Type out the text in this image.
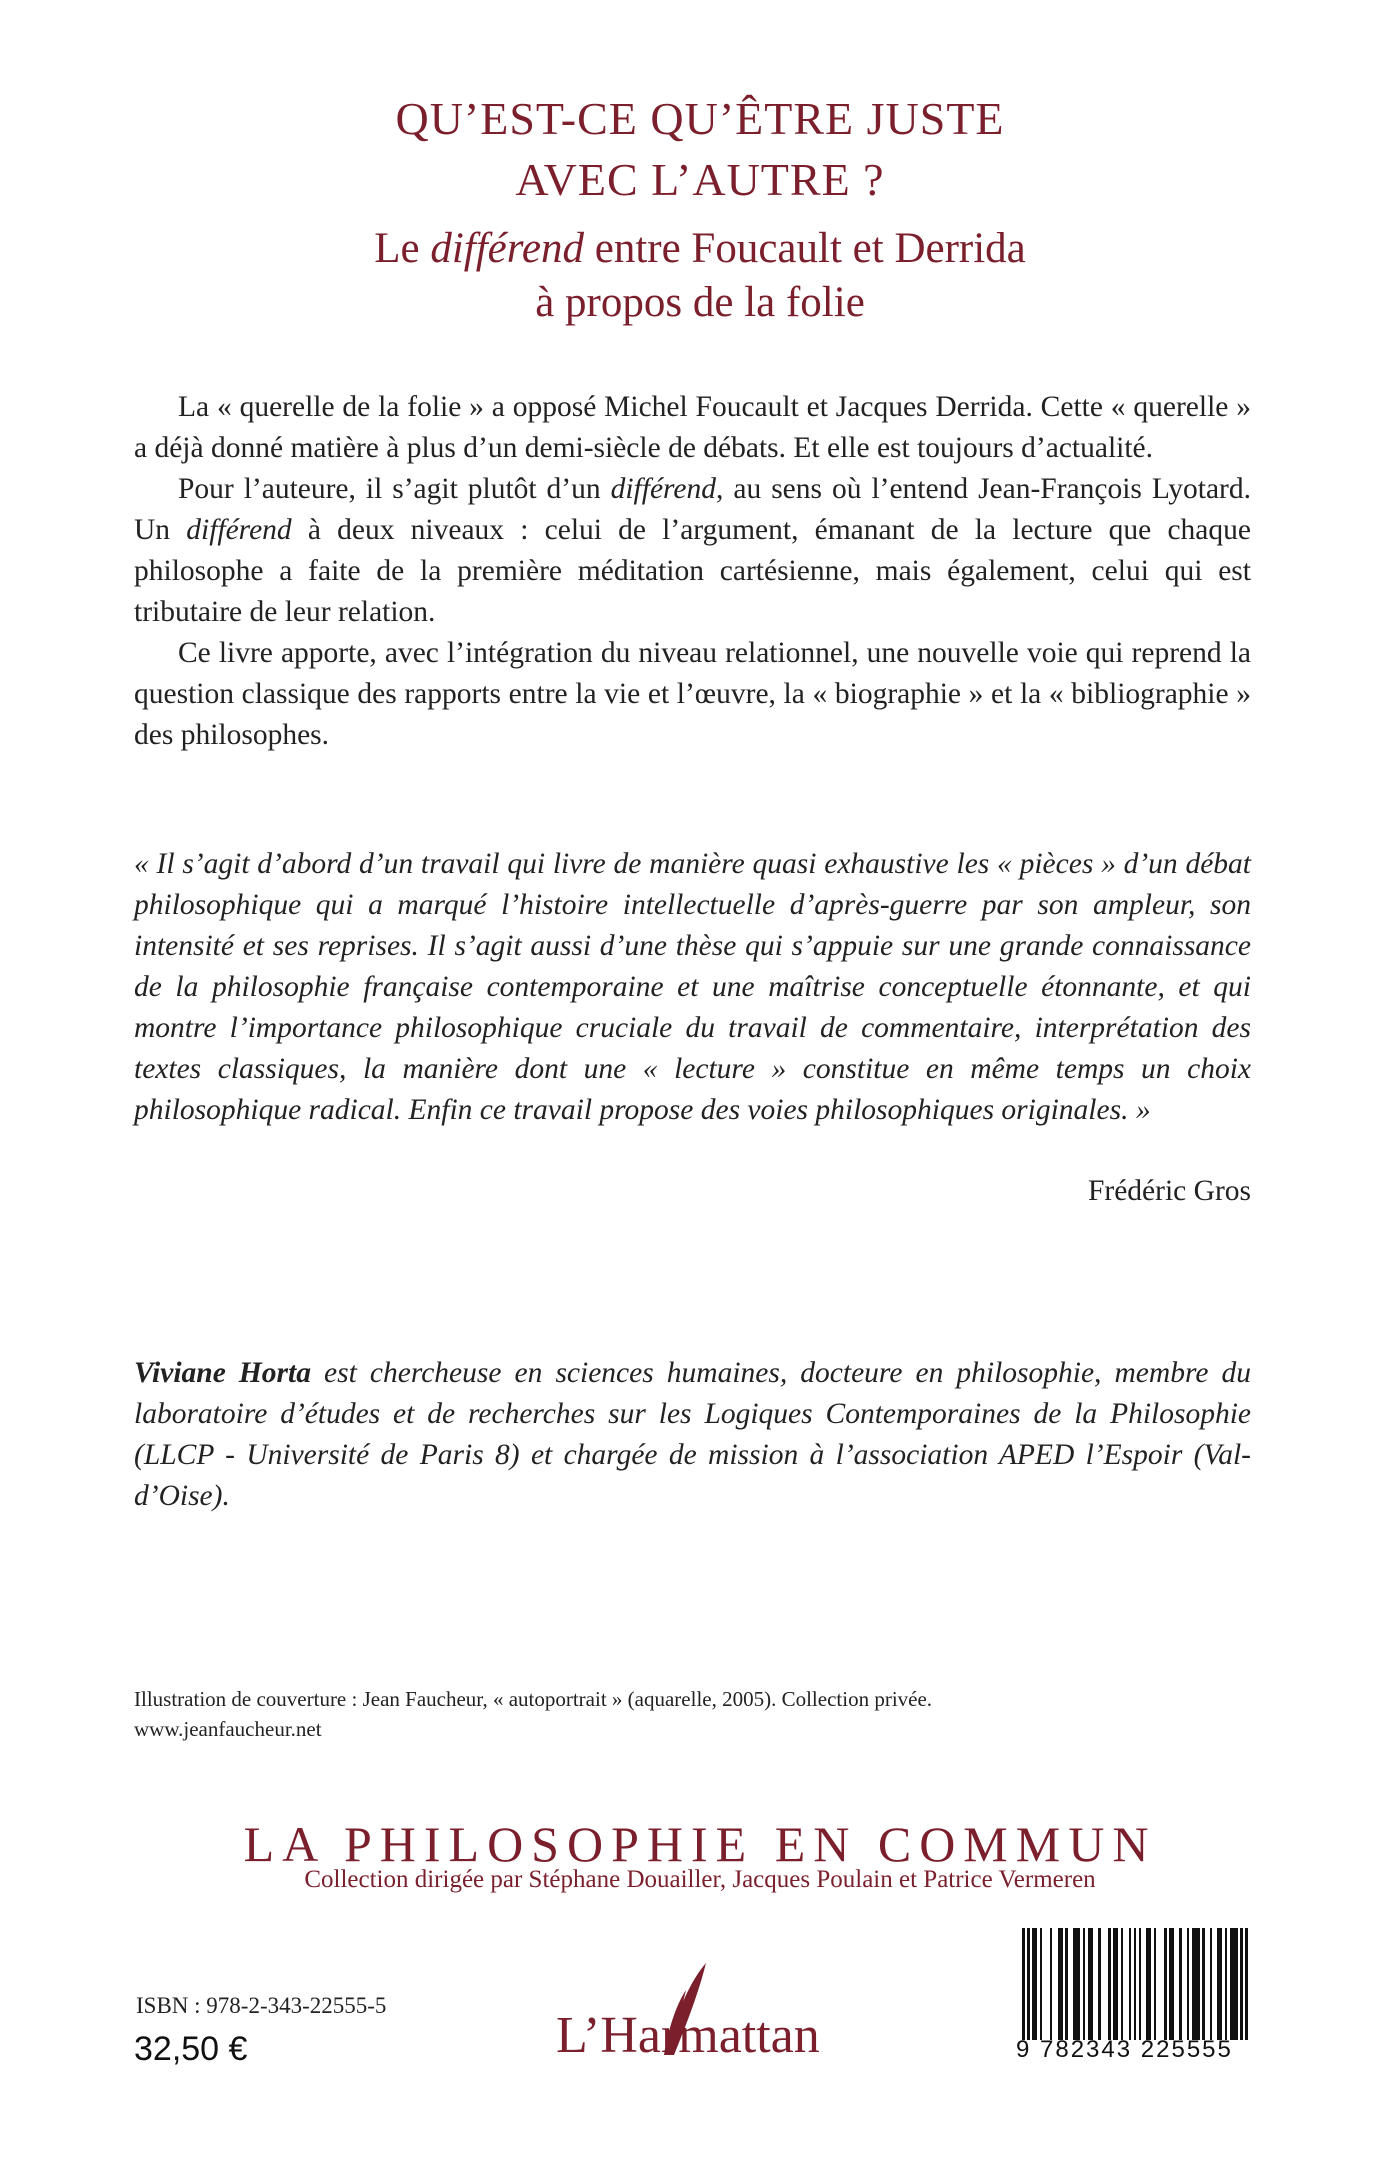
QU’EST-CE QU’ÊTRE JUSTE
AVEC L’AUTRE ?
Le différend entre Foucault et Derrida
à propos de la folie

La « querelle de la folie » a opposé Michel Foucault et Jacques Derrida. Cette « querelle » a déjà donné matière à plus d’un demi-siècle de débats. Et elle est toujours d’actualité.

Pour l’auteure, il s’agit plutôt d’un différend, au sens où l’entend Jean-François Lyotard. Un différend à deux niveaux : celui de l’argument, émanant de la lecture que chaque philosophe a faite de la première méditation cartésienne, mais également, celui qui est tributaire de leur relation.

Ce livre apporte, avec l’intégration du niveau relationnel, une nouvelle voie qui reprend la question classique des rapports entre la vie et l’œuvre, la « biographie » et la « bibliographie » des philosophes.

« Il s’agit d’abord d’un travail qui livre de manière quasi exhaustive les « pièces » d’un débat philosophique qui a marqué l’histoire intellectuelle d’après-guerre par son ampleur, son intensité et ses reprises. Il s’agit aussi d’une thèse qui s’appuie sur une grande connaissance de la philosophie française contemporaine et une maîtrise conceptuelle étonnante, et qui montre l’importance philosophique cruciale du travail de commentaire, interprétation des textes classiques, la manière dont une « lecture » constitue en même temps un choix philosophique radical. Enfin ce travail propose des voies philosophiques originales. »
Frédéric Gros
Viviane Horta est chercheuse en sciences humaines, docteure en philosophie, membre du laboratoire d’études et de recherches sur les Logiques Contemporaines de la Philosophie (LLCP - Université de Paris 8) et chargée de mission à l’association APED l’Espoir (Val-d’Oise).
Illustration de couverture : Jean Faucheur, « autoportrait » (aquarelle, 2005). Collection privée.
www.jeanfaucheur.net
LA PHILOSOPHIE EN COMMUN
Collection dirigée par Stéphane Douailler, Jacques Poulain et Patrice Vermeren
ISBN : 978-2-343-22555-5
32,50 €	L’Harmattan	9 782343 225555
